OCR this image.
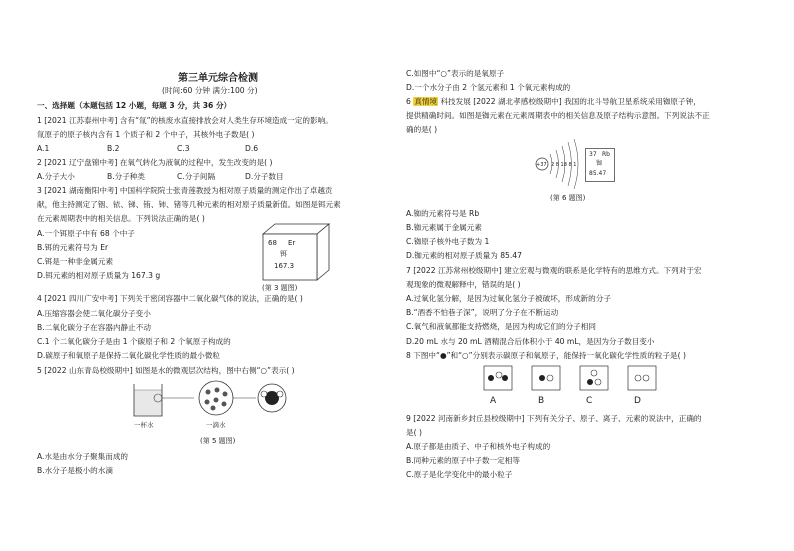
第三单元综合检测
(时间:60 分钟 满分:100 分)
一、选择题（本题包括 12 小题，每题 3 分，共 36 分）
1 [2021 江苏泰州中考] 含有“氚”的核废水直接排放会对人类生存环境造成一定的影响。
氚原子的原子核内含有 1 个质子和 2 个中子，其核外电子数是( )
A.1	B.2	C.3	D.6
2 [2021 辽宁盘锦中考] 在氧气转化为液氧的过程中，发生改变的是( )
A.分子大小	B.分子种类	C.分子间隔	D.分子数目
3 [2021 湖南衡阳中考] 中国科学院院士张青莲教授为相对原子质量的测定作出了卓越贡
献，他主持测定了铟、铱、锑、铕、铈、锗等几种元素的相对原子质量新值。如图是铒元素
在元素周期表中的相关信息。下列说法正确的是( )
A.一个铒原子中有 68 个中子
B.铒的元素符号为 Er
C.铒是一种非金属元素
D.铒元素的相对原子质量为 167.3 g
68 Er
铒
167.3
(第 3 题图)
4 [2021 四川广安中考] 下列关于密闭容器中二氧化碳气体的说法，正确的是( )
A.压缩容器会使二氧化碳分子变小
B.二氧化碳分子在容器内静止不动
C.1 个二氧化碳分子是由 1 个碳原子和 2 个氧原子构成的
D.碳原子和氧原子是保持二氧化碳化学性质的最小微粒
5 [2022 山东青岛校级期中] 如图是水的微观层次结构，图中右侧“○”表示( )
一杯水	一滴水
(第 5 题图)
A.水是由水分子聚集而成的
B.水分子是极小的水滴
C.如图中“○”表示的是氧原子
D.一个水分子由 2 个氢元素和 1 个氧元素构成的
6 真情境 科技发展 [2022 湖北孝感校级期中] 我国的北斗导航卫星系统采用铷原子钟，
提供精确时间。如图是铷元素在元素周期表中的相关信息及原子结构示意图。下列说法不正
确的是( )
+37 2 8 18 8 1
37 Rb
铷
85.47
(第 6 题图)
A.铷的元素符号是 Rb
B.铷元素属于金属元素
C.铷原子核外电子数为 1
D.铷元素的相对原子质量为 85.47
7 [2022 江苏常州校级期中] 建立宏观与微观的联系是化学特有的思维方式。下列对于宏
观现象的微观解释中，错误的是( )
A.过氧化氢分解，是因为过氧化氢分子被破坏，形成新的分子
B.“酒香不怕巷子深”，说明了分子在不断运动
C.氧气和液氧都能支持燃烧，是因为构成它们的分子相同
D.20 mL 水与 20 mL 酒精混合后体积小于 40 mL，是因为分子数目变小
8 下图中“●”和“○”分别表示碳原子和氧原子，能保持一氧化碳化学性质的粒子是( )
A	B	C	D
9 [2022 河南新乡封丘县校级期中] 下列有关分子、原子、离子、元素的说法中，正确的
是( )
A.原子都是由质子、中子和核外电子构成的
B.同种元素的原子中子数一定相等
C.原子是化学变化中的最小粒子
